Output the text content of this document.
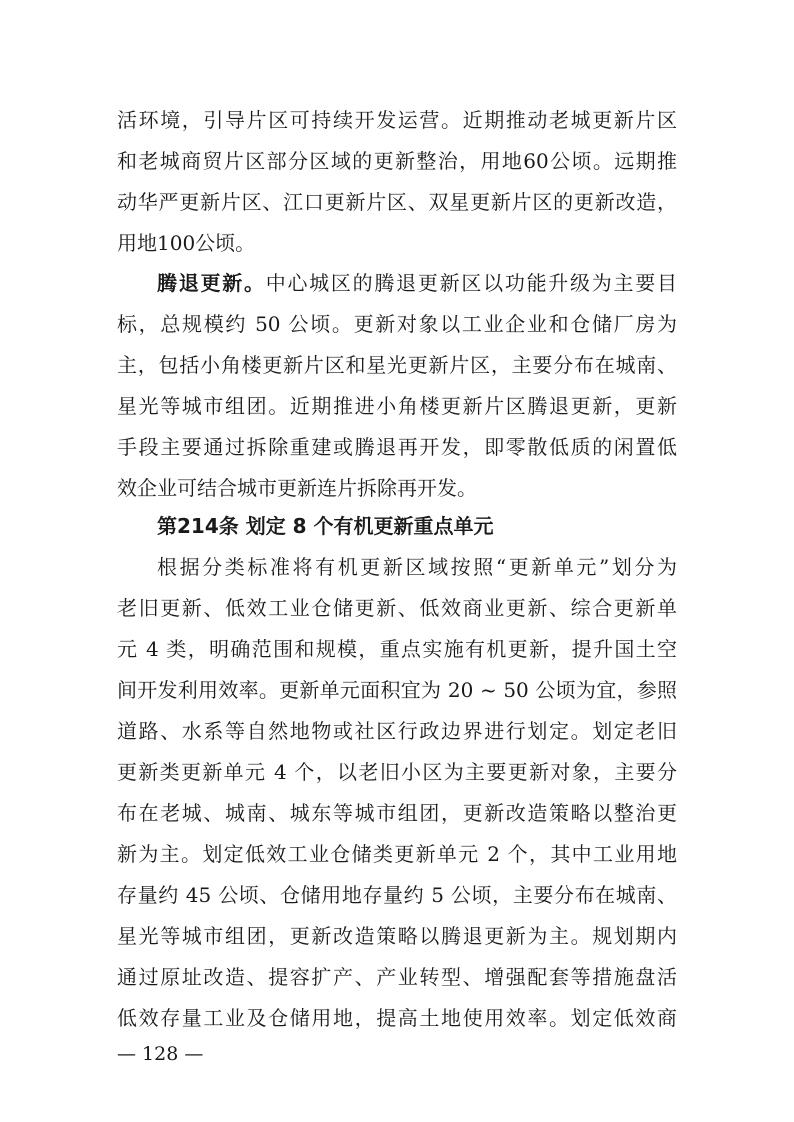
活环境，引导片区可持续开发运营。近期推动老城更新片区
和老城商贸片区部分区域的更新整治，用地60公顷。远期推
动华严更新片区、江口更新片区、双星更新片区的更新改造，
用地100公顷。
腾退更新。中心城区的腾退更新区以功能升级为主要目
标，总规模约 50 公顷。更新对象以工业企业和仓储厂房为
主，包括小角楼更新片区和星光更新片区，主要分布在城南、
星光等城市组团。近期推进小角楼更新片区腾退更新，更新
手段主要通过拆除重建或腾退再开发，即零散低质的闲置低
效企业可结合城市更新连片拆除再开发。
第214条 划定 8 个有机更新重点单元
根据分类标准将有机更新区域按照“更新单元”划分为
老旧更新、低效工业仓储更新、低效商业更新、综合更新单
元 4 类，明确范围和规模，重点实施有机更新，提升国土空
间开发利用效率。更新单元面积宜为 20 ~ 50 公顷为宜，参照
道路、水系等自然地物或社区行政边界进行划定。划定老旧
更新类更新单元 4 个，以老旧小区为主要更新对象，主要分
布在老城、城南、城东等城市组团，更新改造策略以整治更
新为主。划定低效工业仓储类更新单元 2 个，其中工业用地
存量约 45 公顷、仓储用地存量约 5 公顷，主要分布在城南、
星光等城市组团，更新改造策略以腾退更新为主。规划期内
通过原址改造、提容扩产、产业转型、增强配套等措施盘活
低效存量工业及仓储用地，提高土地使用效率。划定低效商
— 128 —
